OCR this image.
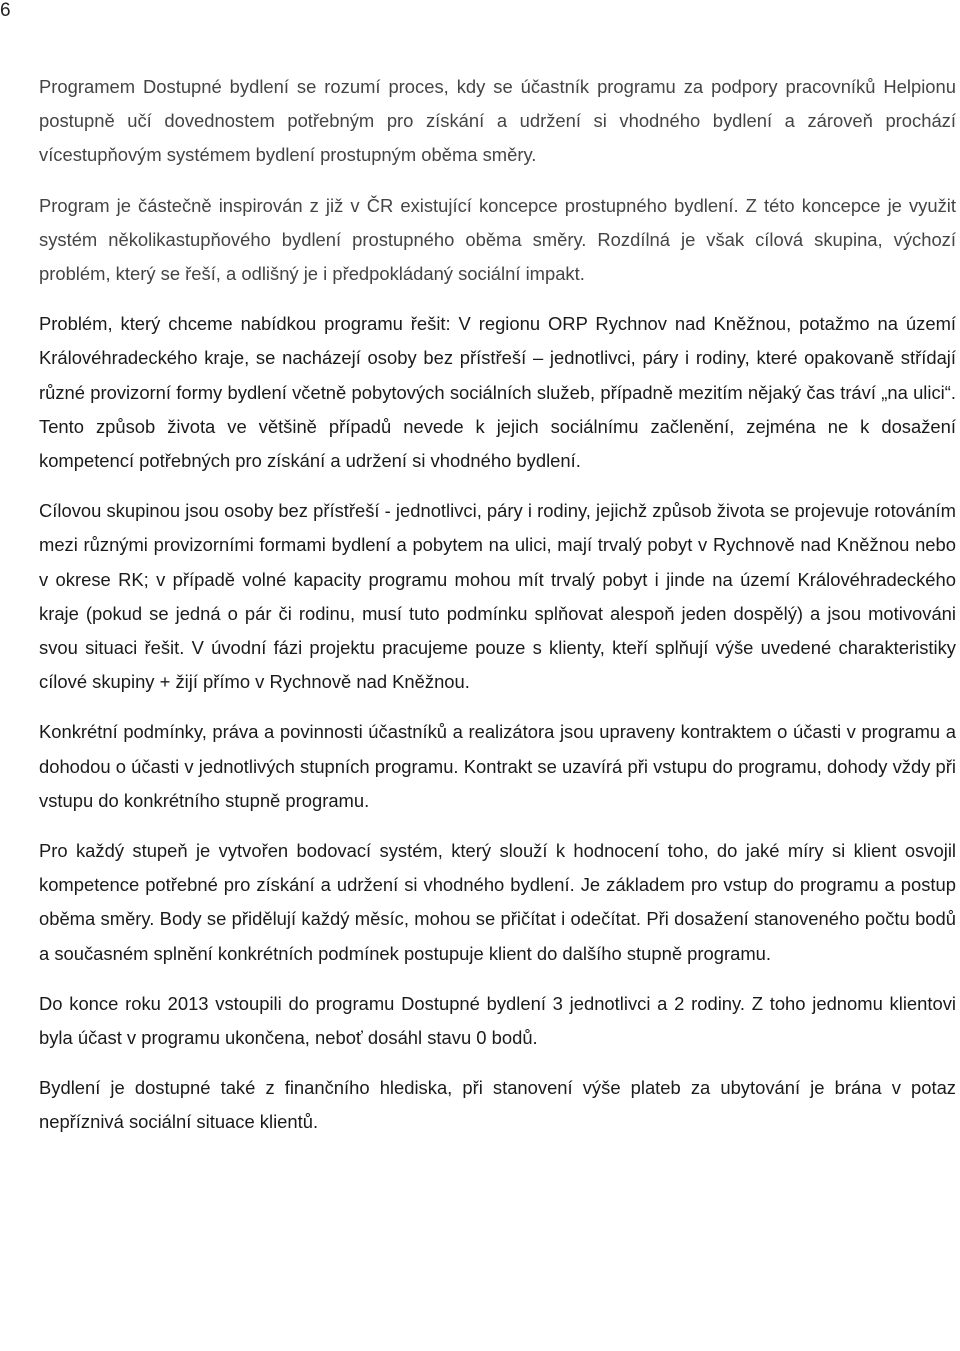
6

Programem Dostupné bydlení se rozumí proces, kdy se účastník programu za podpory pracovníků Helpionu postupně učí dovednostem potřebným pro získání a udržení si vhodného bydlení a zároveň prochází vícestupňovým systémem bydlení prostupným oběma směry.

Program je částečně inspirován z již v ČR existující koncepce prostupného bydlení. Z této koncepce je využit systém několikastupňového bydlení prostupného oběma směry. Rozdílná je však cílová skupina, výchozí problém, který se řeší, a odlišný je i předpokládaný sociální impakt.

Problém, který chceme nabídkou programu řešit: V regionu ORP Rychnov nad Kněžnou, potažmo na území Královéhradeckého kraje, se nacházejí osoby bez přístřeší – jednotlivci, páry i rodiny, které opakovaně střídají různé provizorní formy bydlení včetně pobytových sociálních služeb, případně mezitím nějaký čas tráví „na ulici“. Tento způsob života ve většině případů nevede k jejich sociálnímu začlenění, zejména ne k dosažení kompetencí potřebných pro získání a udržení si vhodného bydlení.

Cílovou skupinou jsou osoby bez přístřeší - jednotlivci, páry i rodiny, jejichž způsob života se projevuje rotováním mezi různými provizorními formami bydlení a pobytem na ulici, mají trvalý pobyt v Rychnově nad Kněžnou nebo v okrese RK; v případě volné kapacity programu mohou mít trvalý pobyt i jinde na území Královéhradeckého kraje (pokud se jedná o pár či rodinu, musí tuto podmínku splňovat alespoň jeden dospělý) a jsou motivováni svou situaci řešit. V úvodní fázi projektu pracujeme pouze s klienty, kteří splňují výše uvedené charakteristiky cílové skupiny + žijí přímo v Rychnově nad Kněžnou.

Konkrétní podmínky, práva a povinnosti účastníků a realizátora jsou upraveny kontraktem o účasti v programu a dohodou o účasti v jednotlivých stupních programu. Kontrakt se uzavírá při vstupu do programu, dohody vždy při vstupu do konkrétního stupně programu.

Pro každý stupeň je vytvořen bodovací systém, který slouží k hodnocení toho, do jaké míry si klient osvojil kompetence potřebné pro získání a udržení si vhodného bydlení. Je základem pro vstup do programu a postup oběma směry. Body se přidělují každý měsíc, mohou se přičítat i odečítat. Při dosažení stanoveného počtu bodů a současném splnění konkrétních podmínek postupuje klient do dalšího stupně programu.

Do konce roku 2013 vstoupili do programu Dostupné bydlení 3 jednotlivci a 2 rodiny. Z toho jednomu klientovi byla účast v programu ukončena, neboť dosáhl stavu 0 bodů.

Bydlení je dostupné také z finančního hlediska, při stanovení výše plateb za ubytování je brána v potaz nepříznivá sociální situace klientů.
